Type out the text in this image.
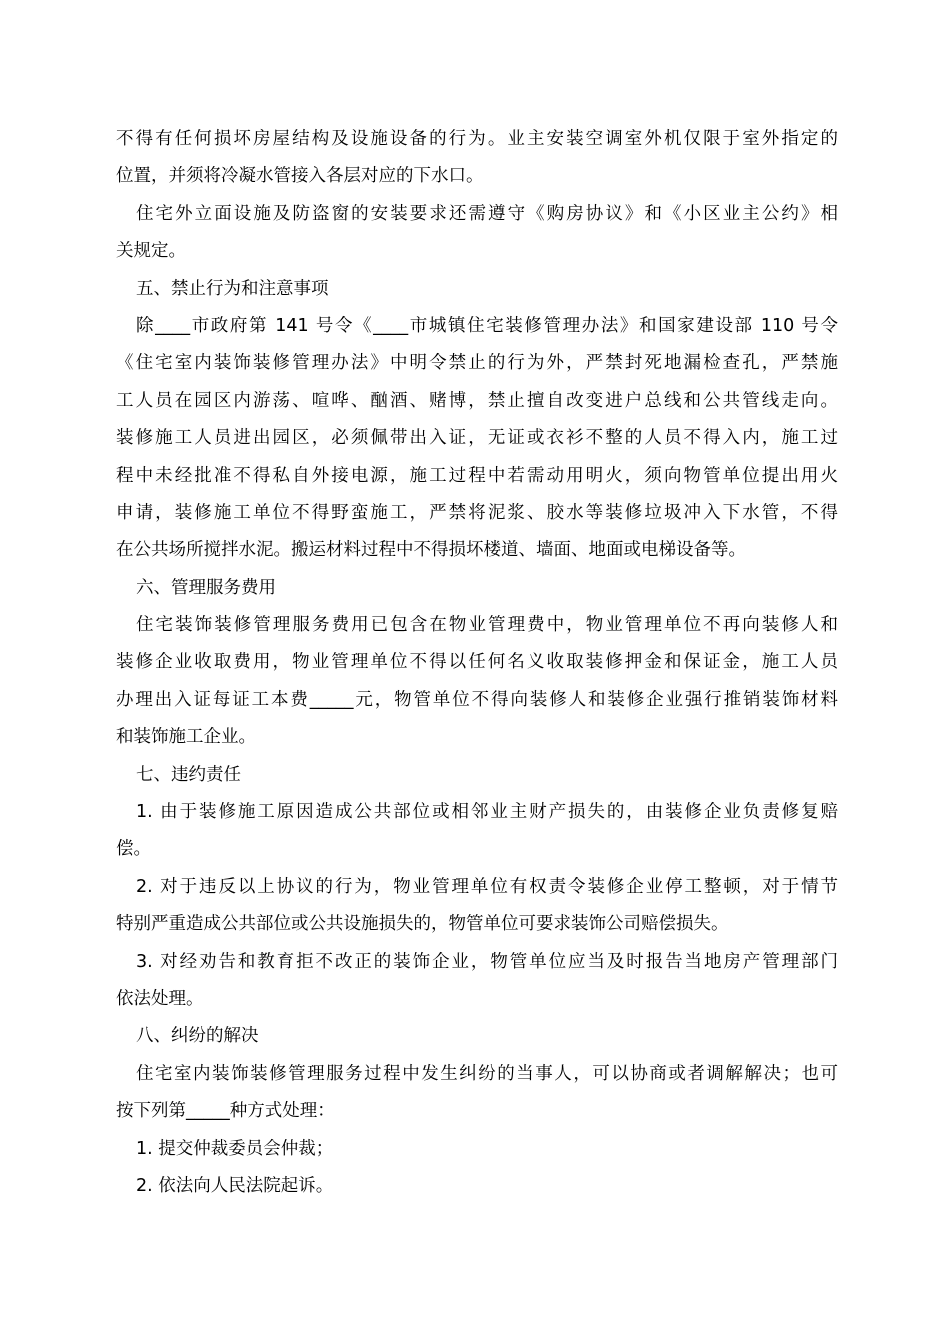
不得有任何损坏房屋结构及设施设备的行为。业主安装空调室外机仅限于室外指定的
位置，并须将冷凝水管接入各层对应的下水口。
住宅外立面设施及防盗窗的安装要求还需遵守《购房协议》和《小区业主公约》相
关规定。
五、禁止行为和注意事项
除____市政府第 141 号令《____市城镇住宅装修管理办法》和国家建设部 110 号令
《住宅室内装饰装修管理办法》中明令禁止的行为外，严禁封死地漏检查孔，严禁施
工人员在园区内游荡、喧哗、酗酒、赌博，禁止擅自改变进户总线和公共管线走向。
装修施工人员进出园区，必须佩带出入证，无证或衣衫不整的人员不得入内，施工过
程中未经批准不得私自外接电源，施工过程中若需动用明火，须向物管单位提出用火
申请，装修施工单位不得野蛮施工，严禁将泥浆、胶水等装修垃圾冲入下水管，不得
在公共场所搅拌水泥。搬运材料过程中不得损坏楼道、墙面、地面或电梯设备等。
六、管理服务费用
住宅装饰装修管理服务费用已包含在物业管理费中，物业管理单位不再向装修人和
装修企业收取费用，物业管理单位不得以任何名义收取装修押金和保证金，施工人员
办理出入证每证工本费_____元，物管单位不得向装修人和装修企业强行推销装饰材料
和装饰施工企业。
七、违约责任
1. 由于装修施工原因造成公共部位或相邻业主财产损失的，由装修企业负责修复赔
偿。
2. 对于违反以上协议的行为，物业管理单位有权责令装修企业停工整顿，对于情节
特别严重造成公共部位或公共设施损失的，物管单位可要求装饰公司赔偿损失。
3. 对经劝告和教育拒不改正的装饰企业，物管单位应当及时报告当地房产管理部门
依法处理。
八、纠纷的解决
住宅室内装饰装修管理服务过程中发生纠纷的当事人，可以协商或者调解解决；也可
按下列第_____种方式处理：
1. 提交仲裁委员会仲裁；
2. 依法向人民法院起诉。
